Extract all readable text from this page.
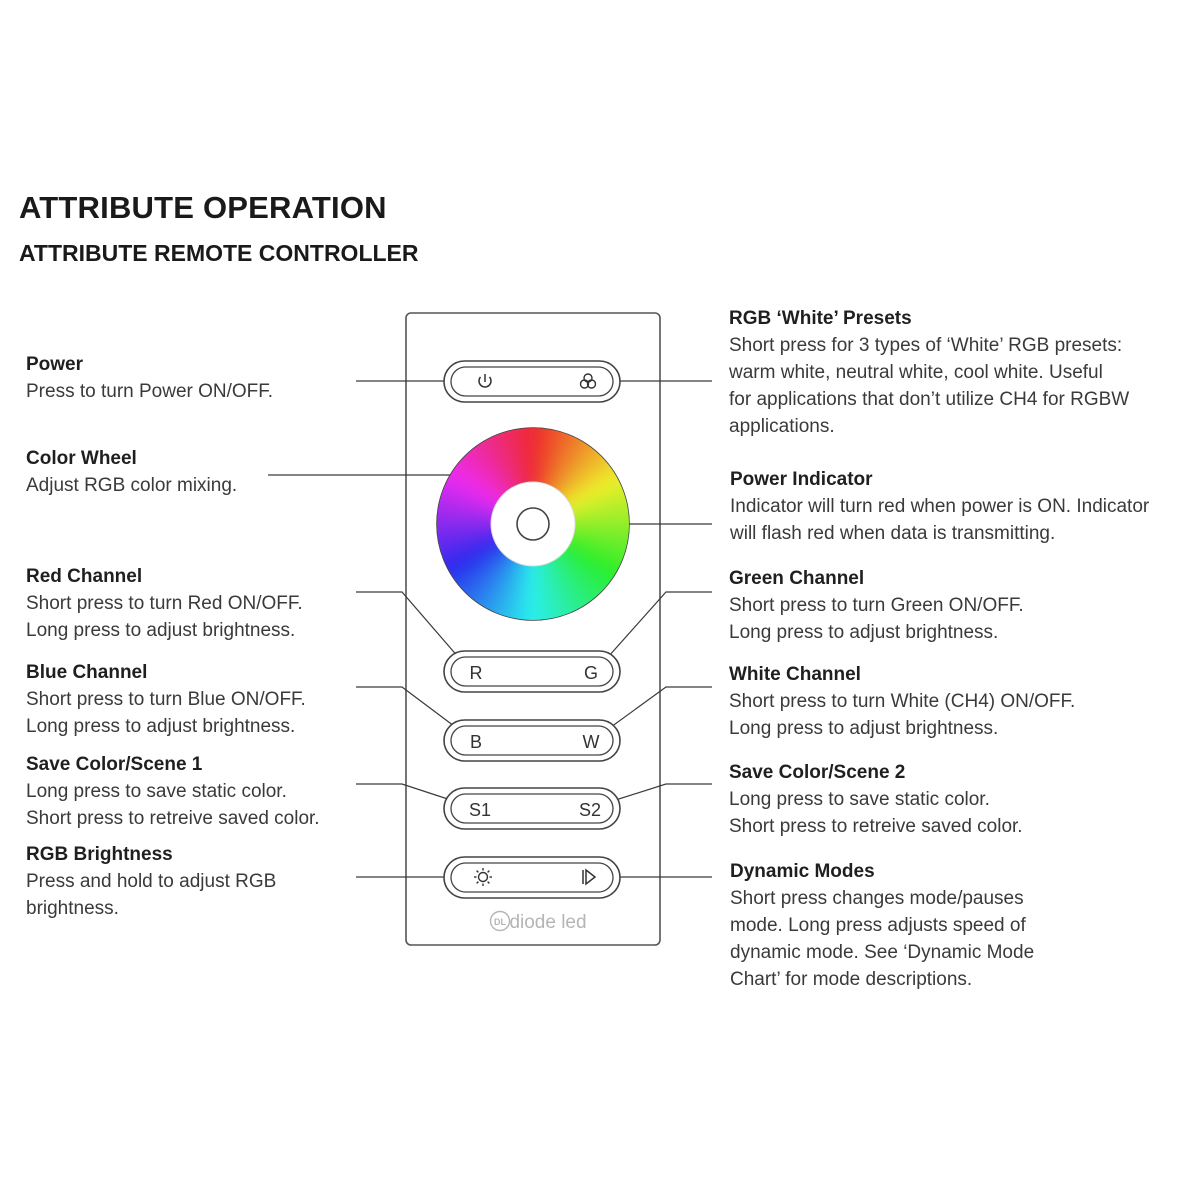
ATTRIBUTE OPERATION
ATTRIBUTE REMOTE CONTROLLER
Power
Press to turn Power ON/OFF.
Color Wheel
Adjust RGB color mixing.
Red Channel
Short press to turn Red ON/OFF.
Long press to adjust brightness.
Blue Channel
Short press to turn Blue ON/OFF.
Long press to adjust brightness.
Save Color/Scene 1
Long press to save static color.
Short press to retreive saved color.
RGB Brightness
Press and hold to adjust RGB
brightness.
RGB ‘White’ Presets
Short press for 3 types of ‘White’ RGB presets:
warm white, neutral white, cool white. Useful
for applications that don’t utilize CH4 for RGBW
applications.
Power Indicator
Indicator will turn red when power is ON. Indicator
will flash red when data is transmitting.
Green Channel
Short press to turn Green ON/OFF.
Long press to adjust brightness.
White Channel
Short press to turn White (CH4) ON/OFF.
Long press to adjust brightness.
Save Color/Scene 2
Long press to save static color.
Short press to retreive saved color.
Dynamic Modes
Short press changes mode/pauses
mode. Long press adjusts speed of
dynamic mode. See ‘Dynamic Mode
Chart’ for mode descriptions.
R	G
B	W
S1	S2
DL diode led
